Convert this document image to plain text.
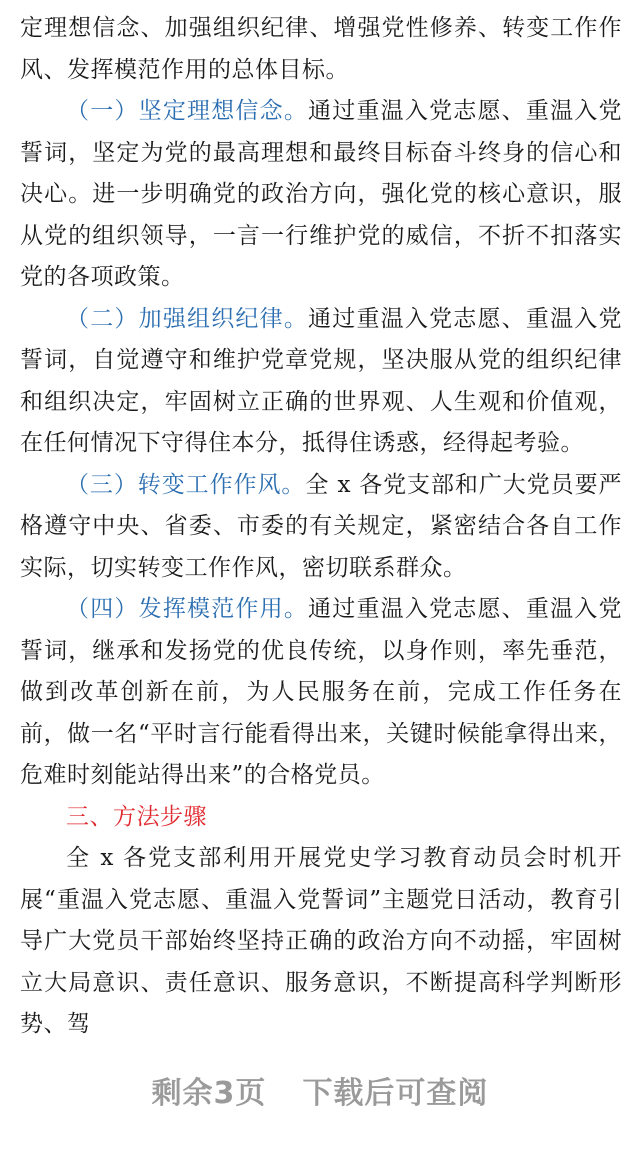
定理想信念、加强组织纪律、增强党性修养、转变工作作风、发挥模范作用的总体目标。

（一）坚定理想信念。通过重温入党志愿、重温入党誓词，坚定为党的最高理想和最终目标奋斗终身的信心和决心。进一步明确党的政治方向，强化党的核心意识，服从党的组织领导，一言一行维护党的威信，不折不扣落实党的各项政策。

（二）加强组织纪律。通过重温入党志愿、重温入党誓词，自觉遵守和维护党章党规，坚决服从党的组织纪律和组织决定，牢固树立正确的世界观、人生观和价值观，在任何情况下守得住本分，抵得住诱惑，经得起考验。

（三）转变工作作风。全 x 各党支部和广大党员要严格遵守中央、省委、市委的有关规定，紧密结合各自工作实际，切实转变工作作风，密切联系群众。

（四）发挥模范作用。通过重温入党志愿、重温入党誓词，继承和发扬党的优良传统，以身作则，率先垂范，做到改革创新在前，为人民服务在前，完成工作任务在前，做一名“平时言行能看得出来，关键时候能拿得出来，危难时刻能站得出来”的合格党员。

三、方法步骤

全 x 各党支部利用开展党史学习教育动员会时机开展“重温入党志愿、重温入党誓词”主题党日活动，教育引导广大党员干部始终坚持正确的政治方向不动摇，牢固树立大局意识、责任意识、服务意识，不断提高科学判断形势、驾

剩余3页 下载后可查阅
